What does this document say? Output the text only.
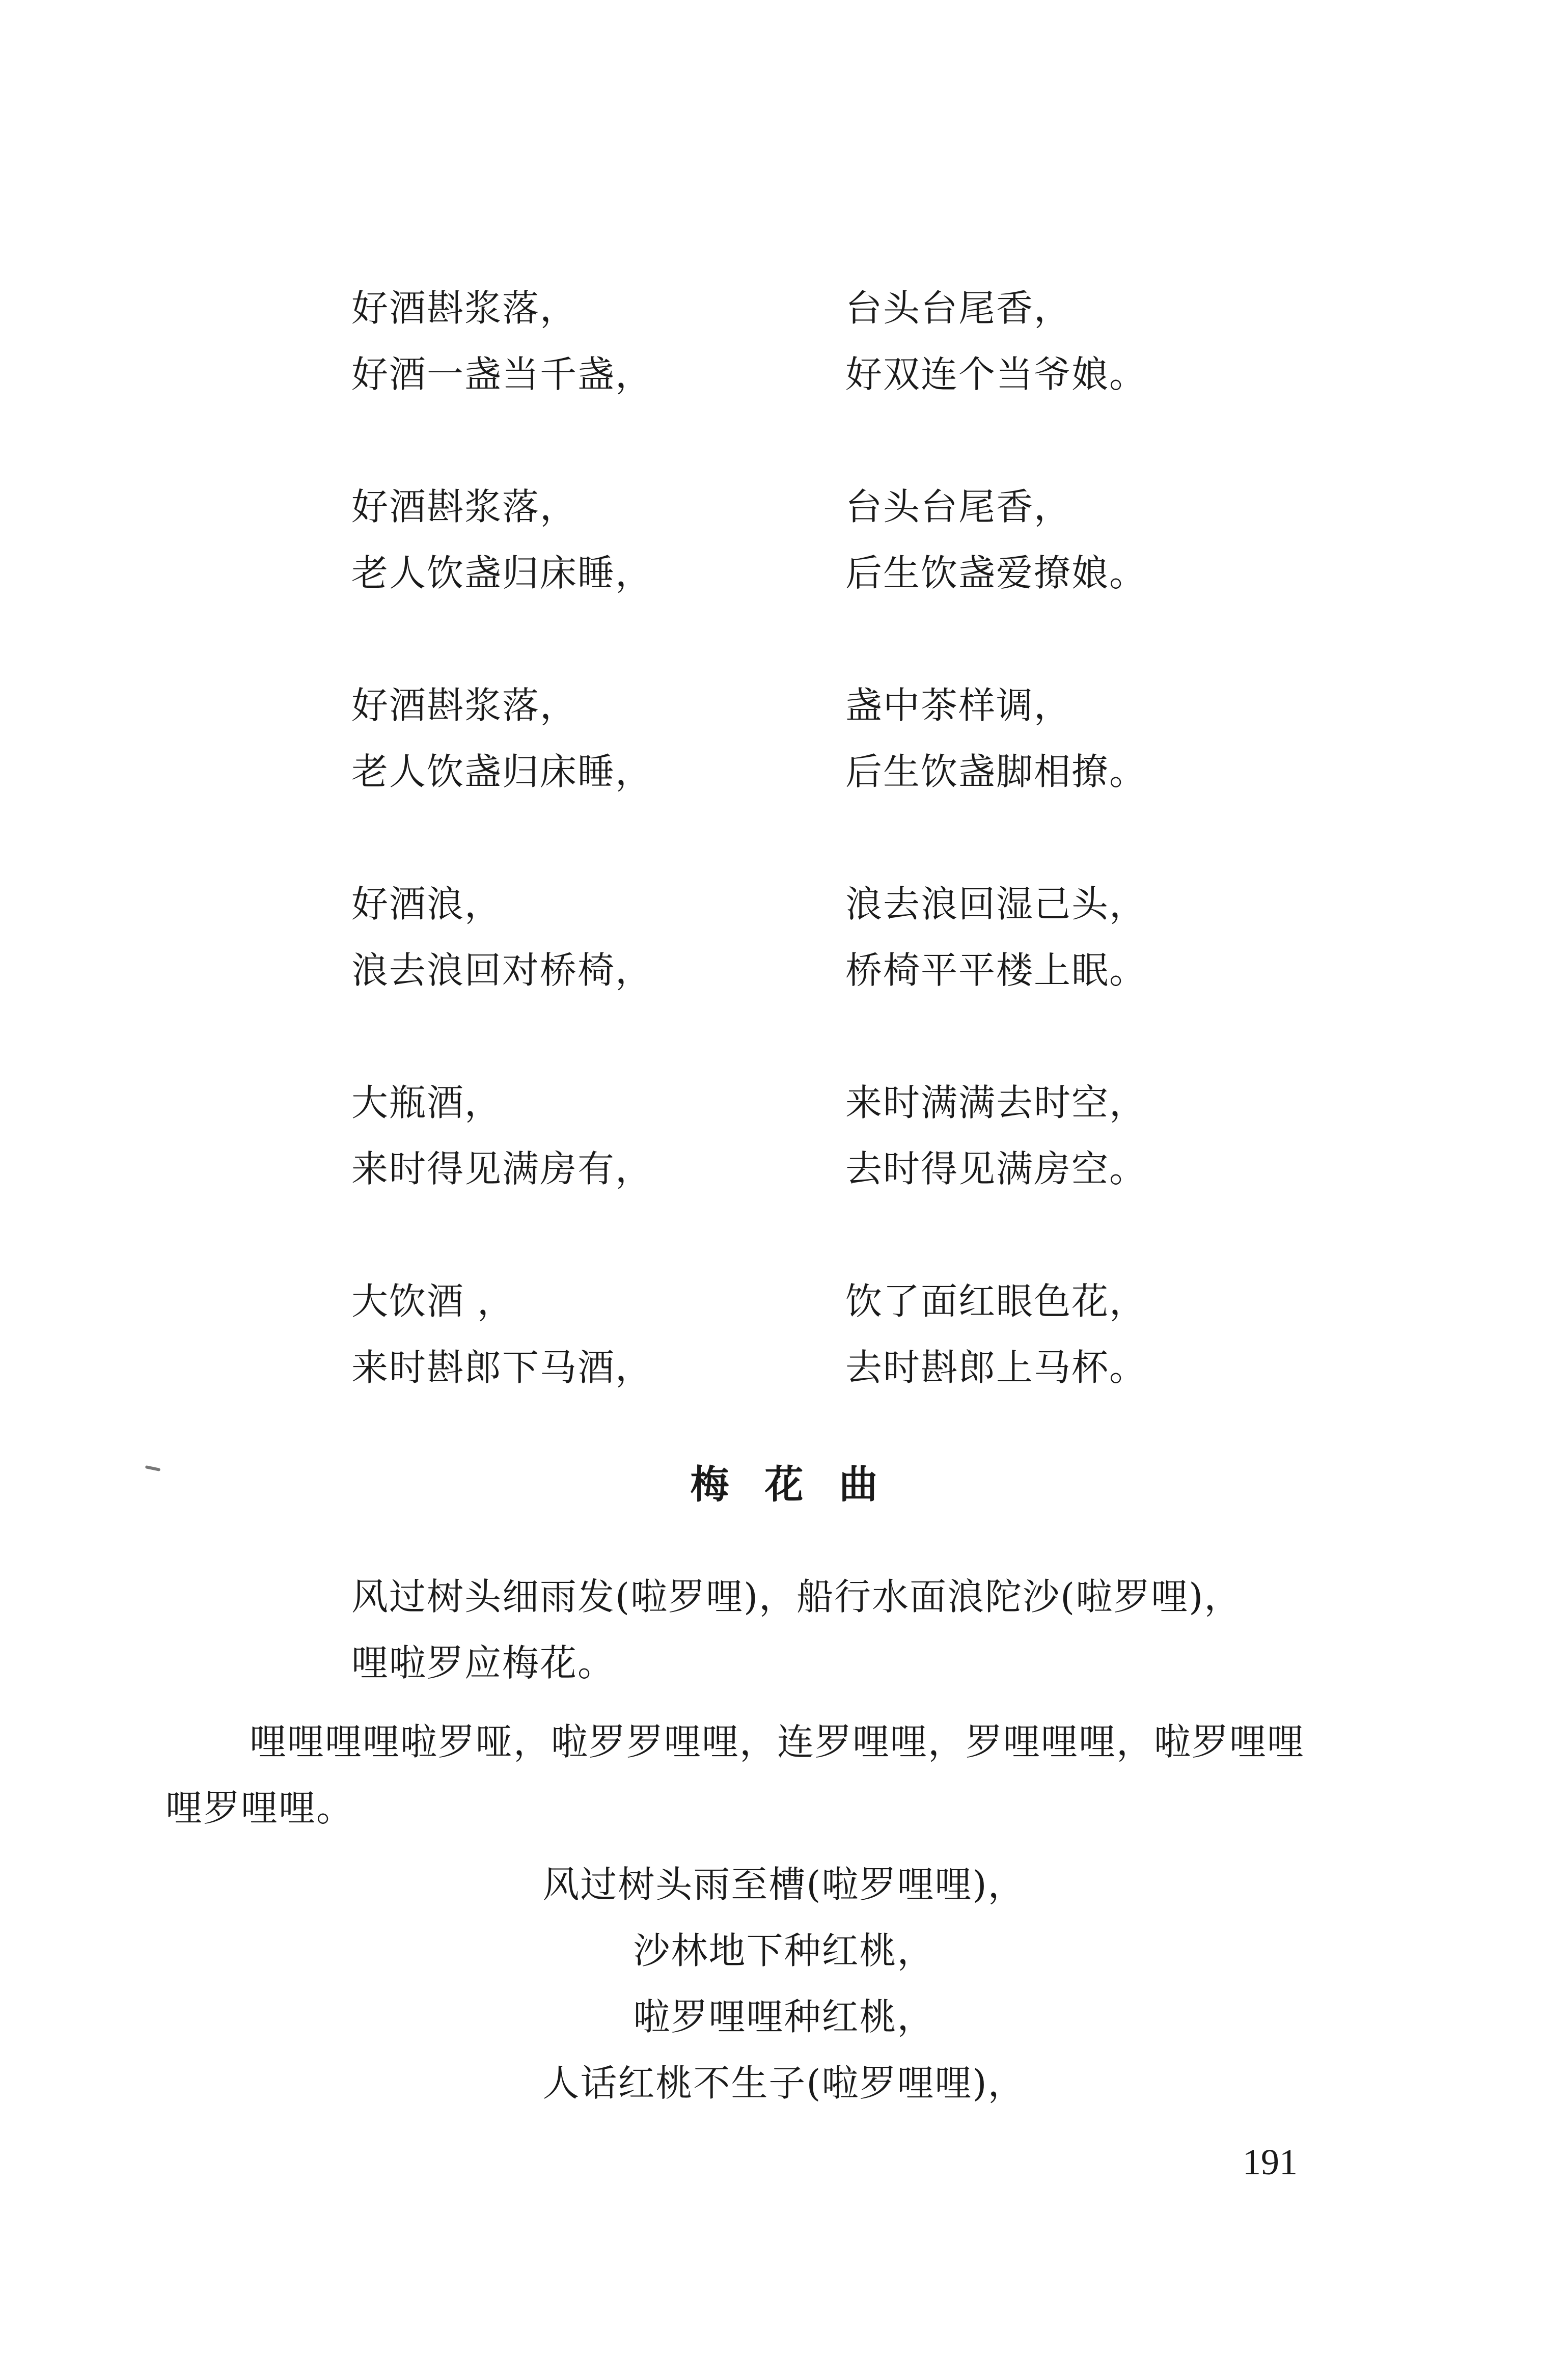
好酒斟浆落，
好酒一盏当千盏，
台头台尾香，
好双连个当爷娘。
好酒斟浆落，
老人饮盏归床睡，
台头台尾香，
后生饮盏爱撩娘。
好酒斟浆落，
老人饮盏归床睡，
盏中茶样调，
后生饮盏脚相撩。
好酒浪，
浪去浪回对桥椅，
浪去浪回湿己头，
桥椅平平楼上眠。
大瓶酒，
来时得见满房有，
来时满满去时空，
去时得见满房空。
大饮酒 ，
来时斟郎下马酒，
饮了面红眼色花，
去时斟郎上马杯。
梅花曲
风过树头细雨发(啦罗哩)，船行水面浪陀沙(啦罗哩)，
哩啦罗应梅花。
哩哩哩哩啦罗哑，啦罗罗哩哩，连罗哩哩，罗哩哩哩，啦罗哩哩
哩罗哩哩。
风过树头雨至槽(啦罗哩哩)，
沙林地下种红桃，
啦罗哩哩种红桃，
人话红桃不生子(啦罗哩哩)，
191
